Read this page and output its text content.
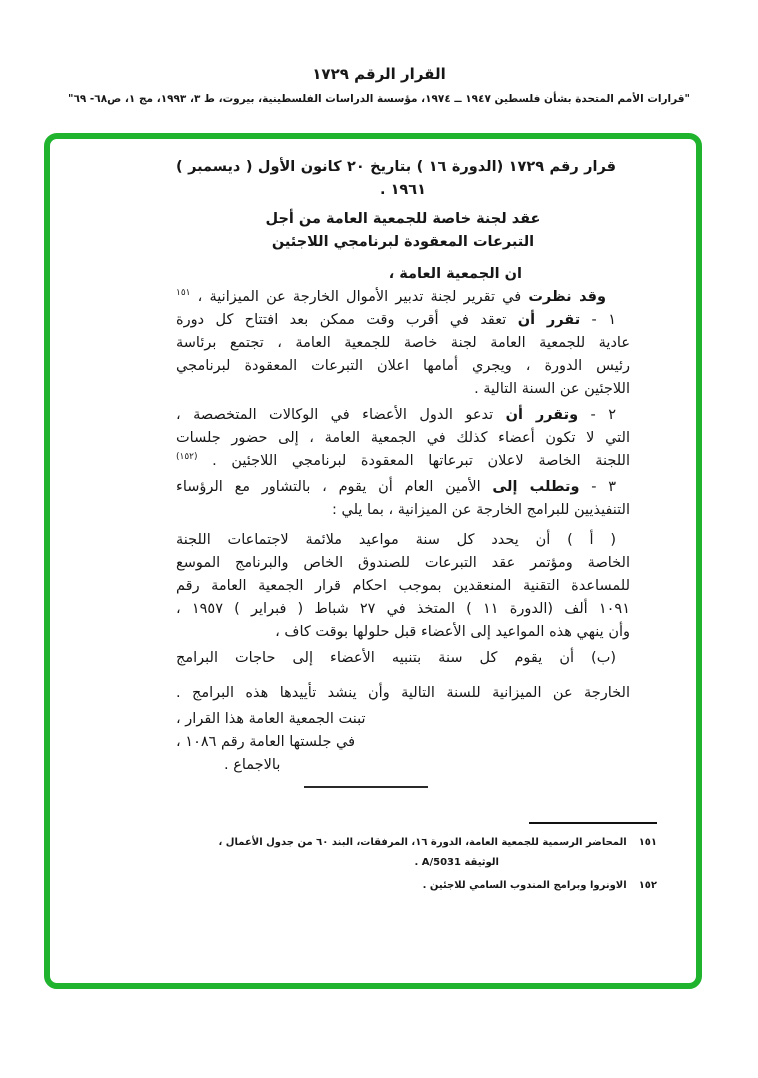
القرار الرقم ١٧٢٩
"قرارات الأمم المتحدة بشأن فلسطين ١٩٤٧ ــ ١٩٧٤، مؤسسة الدراسات الفلسطينية، بيروت، ط ٣، ١٩٩٣، مج ١، ص٦٨- ٦٩"
قرار رقم ١٧٢٩ (الدورة ١٦ ) بتاريخ ٢٠ كانون الأول ( ديسمبر )
١٩٦١ .
عقد لجنة خاصة للجمعية العامة من أجل
التبرعات المعقودة لبرنامجي اللاجئين
ان الجمعية العامة ،
وقد نظرت في تقرير لجنة تدبير الأموال الخارجة عن الميزانية ، $^{١٥١}$
١ - تقرر أن تعقد في أقرب وقت ممكن بعد افتتاح كل دورة
عادية للجمعية العامة لجنة خاصة للجمعية العامة ، تجتمع برئاسة
رئيس الدورة ، ويجري أمامها اعلان التبرعات المعقودة لبرنامجي
اللاجئين عن السنة التالية .
٢ - وتقرر أن تدعو الدول الأعضاء في الوكالات المتخصصة ،
التي لا تكون أعضاء كذلك في الجمعية العامة ، إلى حضور جلسات
اللجنة الخاصة لاعلان تبرعاتها المعقودة لبرنامجي اللاجئين . $^{(١٥٢)}$
٣ - وتطلب إلى الأمين العام أن يقوم ، بالتشاور مع الرؤساء
التنفيذيين للبرامج الخارجة عن الميزانية ، بما يلي :
( أ ) أن يحدد كل سنة مواعيد ملائمة لاجتماعات اللجنة
الخاصة ومؤتمر عقد التبرعات للصندوق الخاص والبرنامج الموسع
للمساعدة التقنية المنعقدين بموجب احكام قرار الجمعية العامة رقم
١٠٩١ ألف (الدورة ١١ ) المتخذ في ٢٧ شباط ( فبراير ) ١٩٥٧ ،
وأن ينهي هذه المواعيد إلى الأعضاء قبل حلولها بوقت كاف ،
(ب) أن يقوم كل سنة بتنبيه الأعضاء إلى حاجات البرامج
الخارجة عن الميزانية للسنة التالية وأن ينشد تأييدها هذه البرامج .
تبنت الجمعية العامة هذا القرار ،
في جلستها العامة رقم ١٠٨٦ ،
بالاجماع .
١٥١المحاضر الرسمية للجمعية العامة، الدورة ١٦، المرفقات، البند ٦٠ من جدول الأعمال ،
الوثيقة A/5031 .
١٥٢الاونروا وبرامج المندوب السامي للاجئين .
